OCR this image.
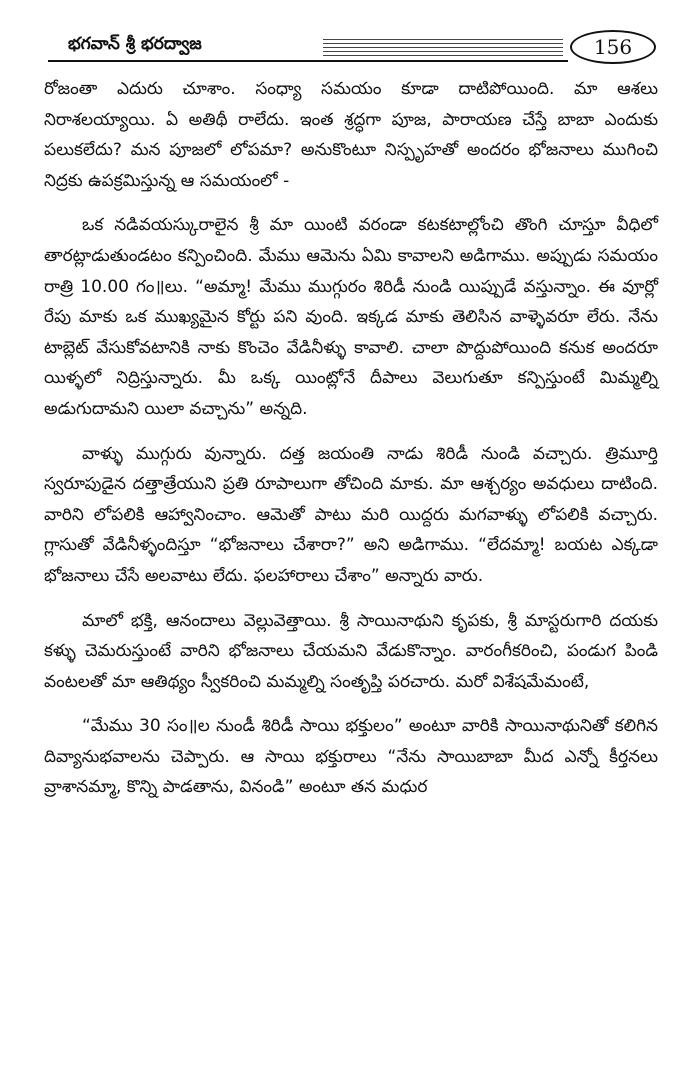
భగవాన్ శ్రీ భరద్వాజ	156

రోజంతా ఎదురు చూశాం. సంధ్యా సమయం కూడా దాటిపోయింది. మా ఆశలు నిరాశలయ్యాయి. ఏ అతిథీ రాలేదు. ఇంత శ్రద్ధగా పూజ, పారాయణ చేస్తే బాబా ఎందుకు పలుకలేదు? మన పూజలో లోపమా? అనుకొంటూ నిస్పృహతో అందరం భోజనాలు ముగించి నిద్రకు ఉపక్రమిస్తున్న ఆ సమయంలో -

ఒక నడివయస్కురాలైన శ్రీ మా యింటి వరండా కటకటాల్లోంచి తొంగి చూస్తూ వీధిలో తారట్లాడుతుండటం కన్పించింది. మేము ఆమెను ఏమి కావాలని అడిగాము. అప్పుడు సమయం రాత్రి 10.00 గం॥లు. “అమ్మా! మేము ముగ్గురం శిరిడీ నుండి యిప్పుడే వస్తున్నాం. ఈ వూర్లో రేపు మాకు ఒక ముఖ్యమైన కోర్టు పని వుంది. ఇక్కడ మాకు తెలిసిన వాళ్ళెవరూ లేరు. నేను టాబ్లెట్ వేసుకోవటానికి నాకు కొంచెం వేడినీళ్ళు కావాలి. చాలా పొద్దుపోయింది కనుక అందరూ యిళ్ళలో నిద్రిస్తున్నారు. మీ ఒక్క యింట్లోనే దీపాలు వెలుగుతూ కన్పిస్తుంటే మిమ్మల్ని అడుగుదామని యిలా వచ్చాను” అన్నది.

వాళ్ళు ముగ్గురు వున్నారు. దత్త జయంతి నాడు శిరిడీ నుండి వచ్చారు. త్రిమూర్తి స్వరూపుడైన దత్తాత్రేయుని ప్రతి రూపాలుగా తోచింది మాకు. మా ఆశ్చర్యం అవధులు దాటింది. వారిని లోపలికి ఆహ్వానించాం. ఆమెతో పాటు మరి యిద్దరు మగవాళ్ళు లోపలికి వచ్చారు. గ్లాసుతో వేడినీళ్ళందిస్తూ “భోజనాలు చేశారా?” అని అడిగాము. “లేదమ్మా! బయట ఎక్కడా భోజనాలు చేసే అలవాటు లేదు. ఫలహారాలు చేశాం” అన్నారు వారు.

మాలో భక్తి, ఆనందాలు వెల్లువెత్తాయి. శ్రీ సాయినాథుని కృపకు, శ్రీ మాస్టరుగారి దయకు కళ్ళు చెమరుస్తుంటే వారిని భోజనాలు చేయమని వేడుకొన్నాం. వారంగీకరించి, పండుగ పిండి వంటలతో మా ఆతిథ్యం స్వీకరించి మమ్మల్ని సంతృప్తి పరచారు. మరో విశేషమేమంటే,

“మేము 30 సం॥ల నుండీ శిరిడీ సాయి భక్తులం” అంటూ వారికి సాయినాథునితో కలిగిన దివ్యానుభవాలను చెప్పారు. ఆ సాయి భక్తురాలు “నేను సాయిబాబా మీద ఎన్నో కీర్తనలు వ్రాశానమ్మా, కొన్ని పాడతాను, వినండి” అంటూ తన మధుర
